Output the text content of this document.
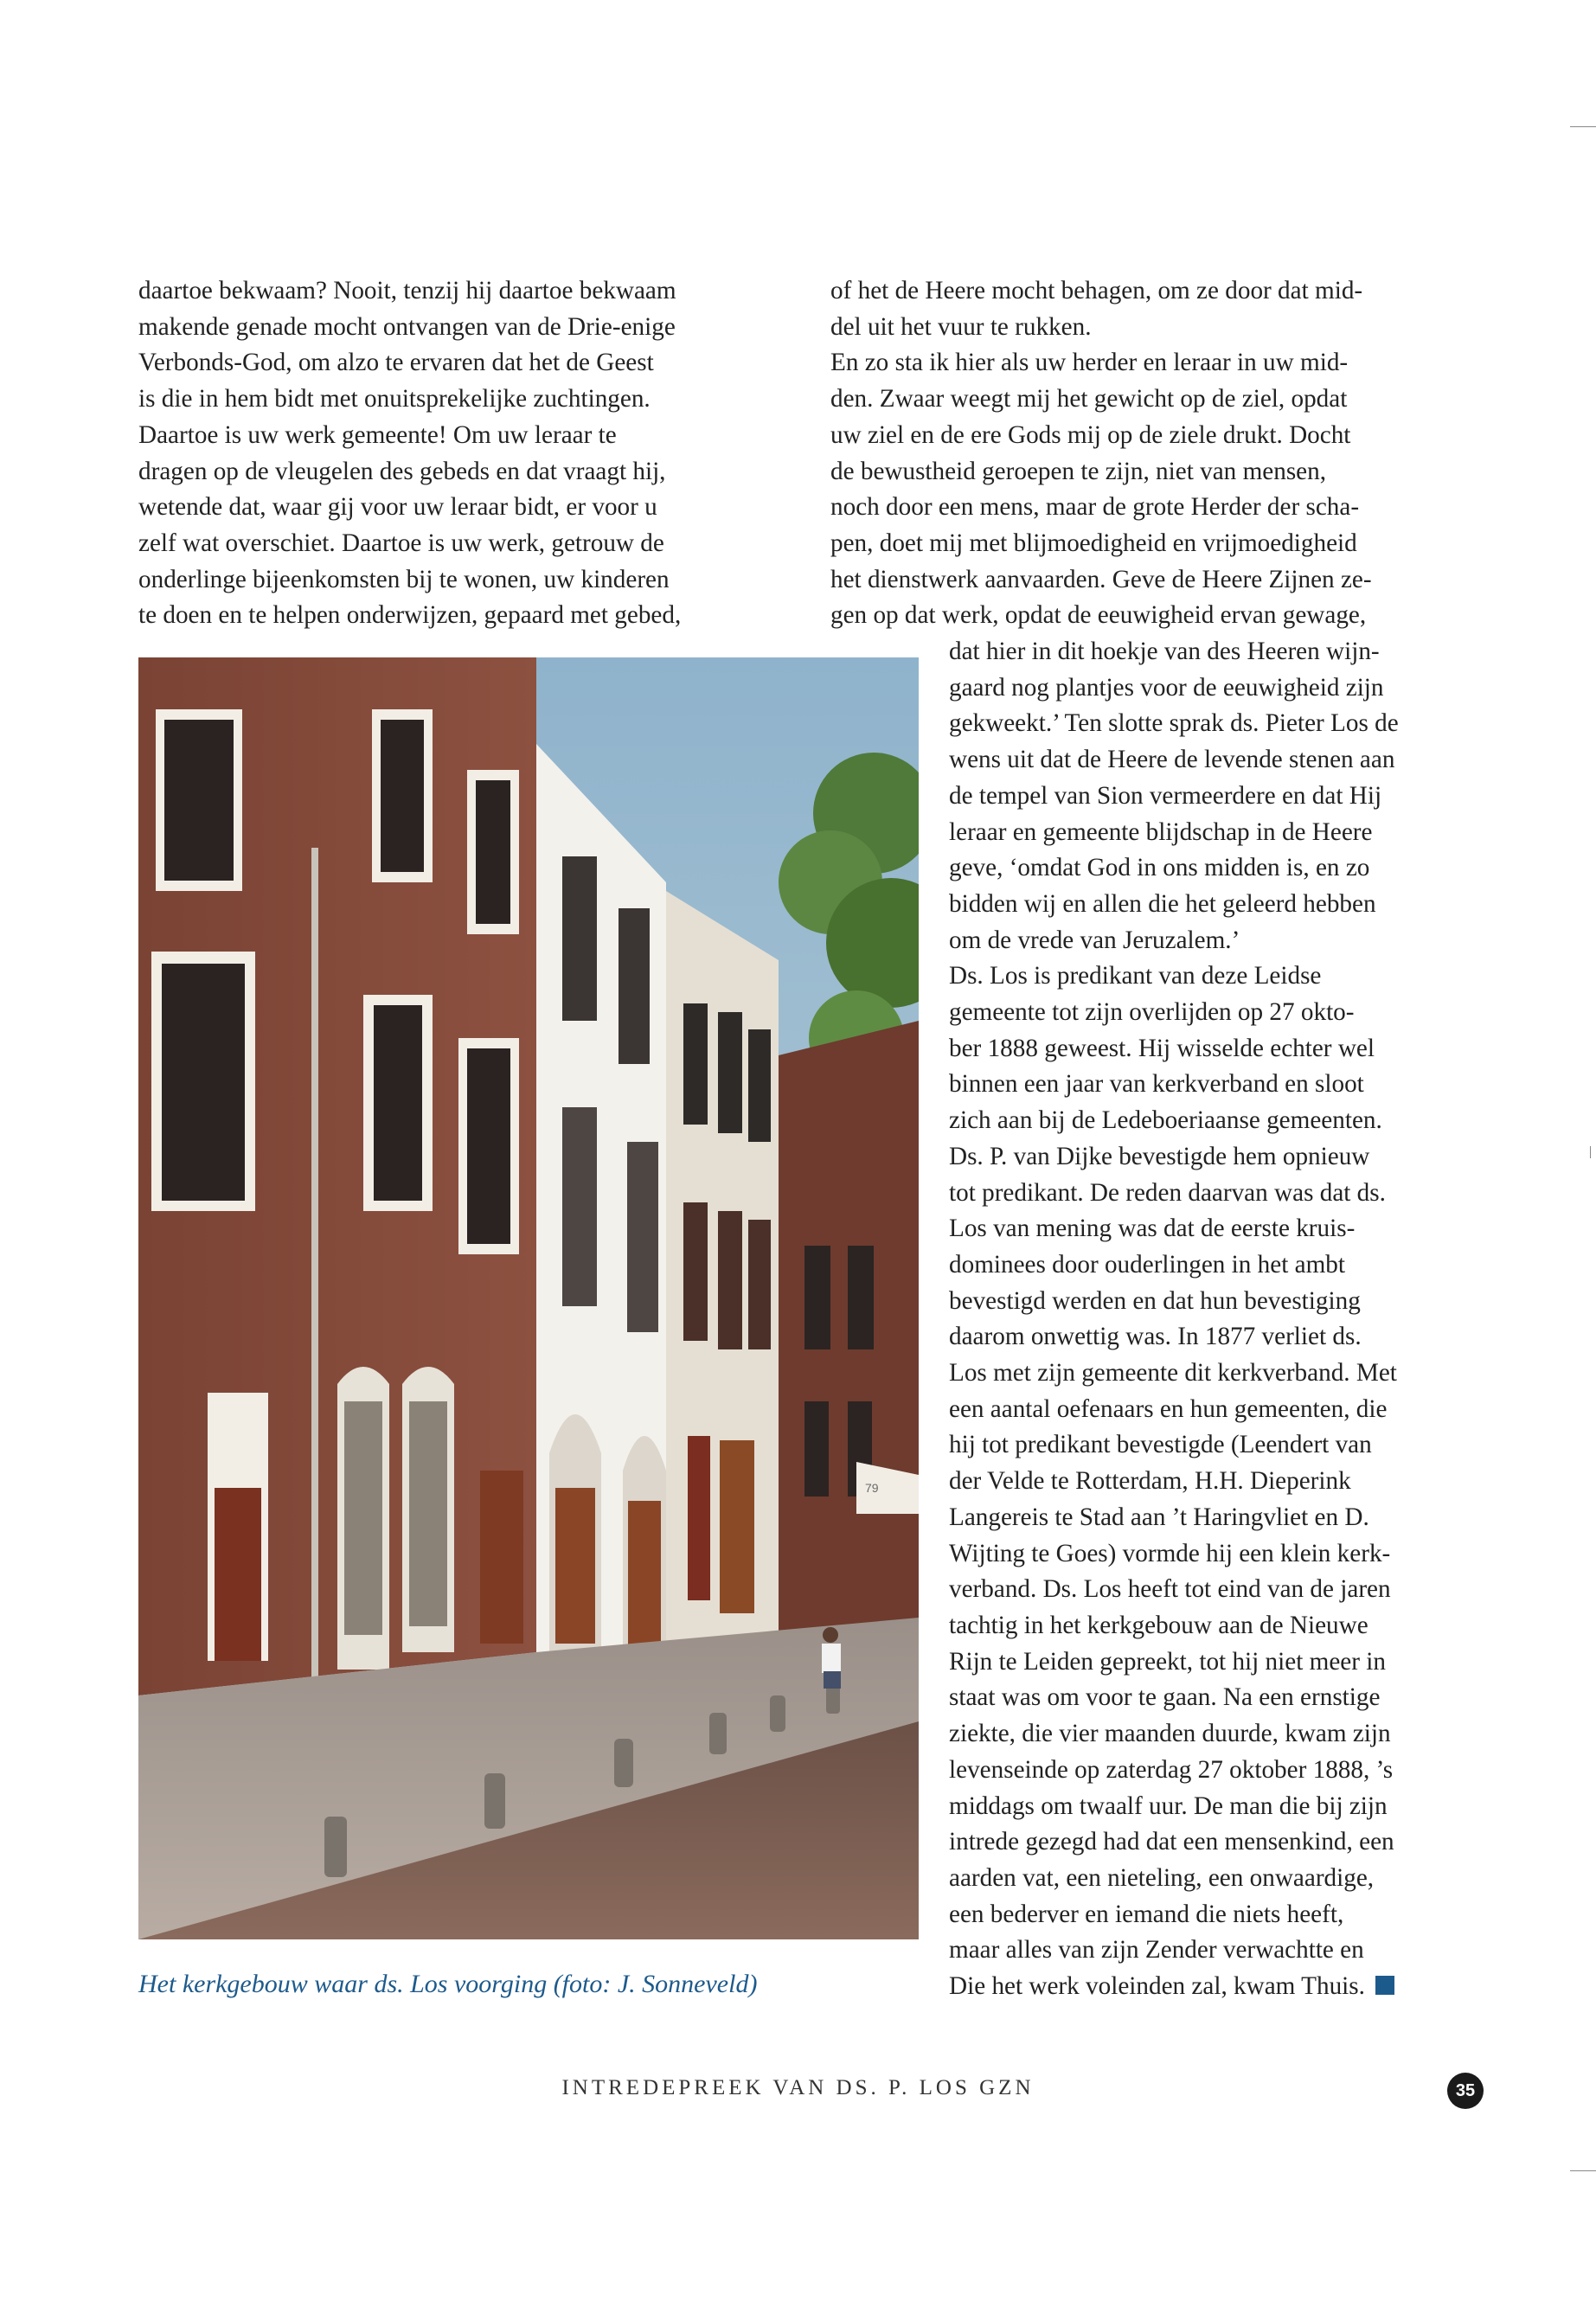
daartoe bekwaam? Nooit, tenzij hij daartoe bekwaam

makende genade mocht ontvangen van de Drie-enige

Verbonds-God, om alzo te ervaren dat het de Geest

is die in hem bidt met onuitsprekelijke zuchtingen.

Daartoe is uw werk gemeente! Om uw leraar te

dragen op de vleugelen des gebeds en dat vraagt hij,

wetende dat, waar gij voor uw leraar bidt, er voor u

zelf wat overschiet. Daartoe is uw werk, getrouw de

onderlinge bijeenkomsten bij te wonen, uw kinderen

te doen en te helpen onderwijzen, gepaard met gebed,

of het de Heere mocht behagen, om ze door dat mid-

del uit het vuur te rukken.

En zo sta ik hier als uw herder en leraar in uw mid-

den. Zwaar weegt mij het gewicht op de ziel, opdat

uw ziel en de ere Gods mij op de ziele drukt. Docht

de bewustheid geroepen te zijn, niet van mensen,

noch door een mens, maar de grote Herder der scha-

pen, doet mij met blijmoedigheid en vrijmoedigheid

het dienstwerk aanvaarden. Geve de Heere Zijnen ze-

gen op dat werk, opdat de eeuwigheid ervan gewage,

dat hier in dit hoekje van des Heeren wijn-

gaard nog plantjes voor de eeuwigheid zijn

gekweekt.’ Ten slotte sprak ds. Pieter Los de

wens uit dat de Heere de levende stenen aan

de tempel van Sion vermeerdere en dat Hij

leraar en gemeente blijdschap in de Heere

geve, ‘omdat God in ons midden is, en zo

bidden wij en allen die het geleerd hebben

om de vrede van Jeruzalem.’

Ds. Los is predikant van deze Leidse

gemeente tot zijn overlijden op 27 okto-

ber 1888 geweest. Hij wisselde echter wel

binnen een jaar van kerkverband en sloot

zich aan bij de Ledeboeriaanse gemeenten.

Ds. P. van Dijke bevestigde hem opnieuw

tot predikant. De reden daarvan was dat ds.

Los van mening was dat de eerste kruis-

dominees door ouderlingen in het ambt

bevestigd werden en dat hun bevestiging

daarom onwettig was. In 1877 verliet ds.

Los met zijn gemeente dit kerkverband. Met

een aantal oefenaars en hun gemeenten, die

hij tot predikant bevestigde (Leendert van

der Velde te Rotterdam, H.H. Dieperink

Langereis te Stad aan ’t Haringvliet en D.

Wijting te Goes) vormde hij een klein kerk-

verband. Ds. Los heeft tot eind van de jaren

tachtig in het kerkgebouw aan de Nieuwe

Rijn te Leiden gepreekt, tot hij niet meer in

staat was om voor te gaan. Na een ernstige

ziekte, die vier maanden duurde, kwam zijn

levenseinde op zaterdag 27 oktober 1888, ’s

middags om twaalf uur. De man die bij zijn

intrede gezegd had dat een mensenkind, een

aarden vat, een nieteling, een onwaardige,

een bederver en iemand die niets heeft,

maar alles van zijn Zender verwachtte en

Die het werk voleinden zal, kwam Thuis.

79
Het kerkgebouw waar ds. Los voorging (foto: J. Sonneveld)
INTREDEPREEK VAN DS. P. LOS GZN	35
